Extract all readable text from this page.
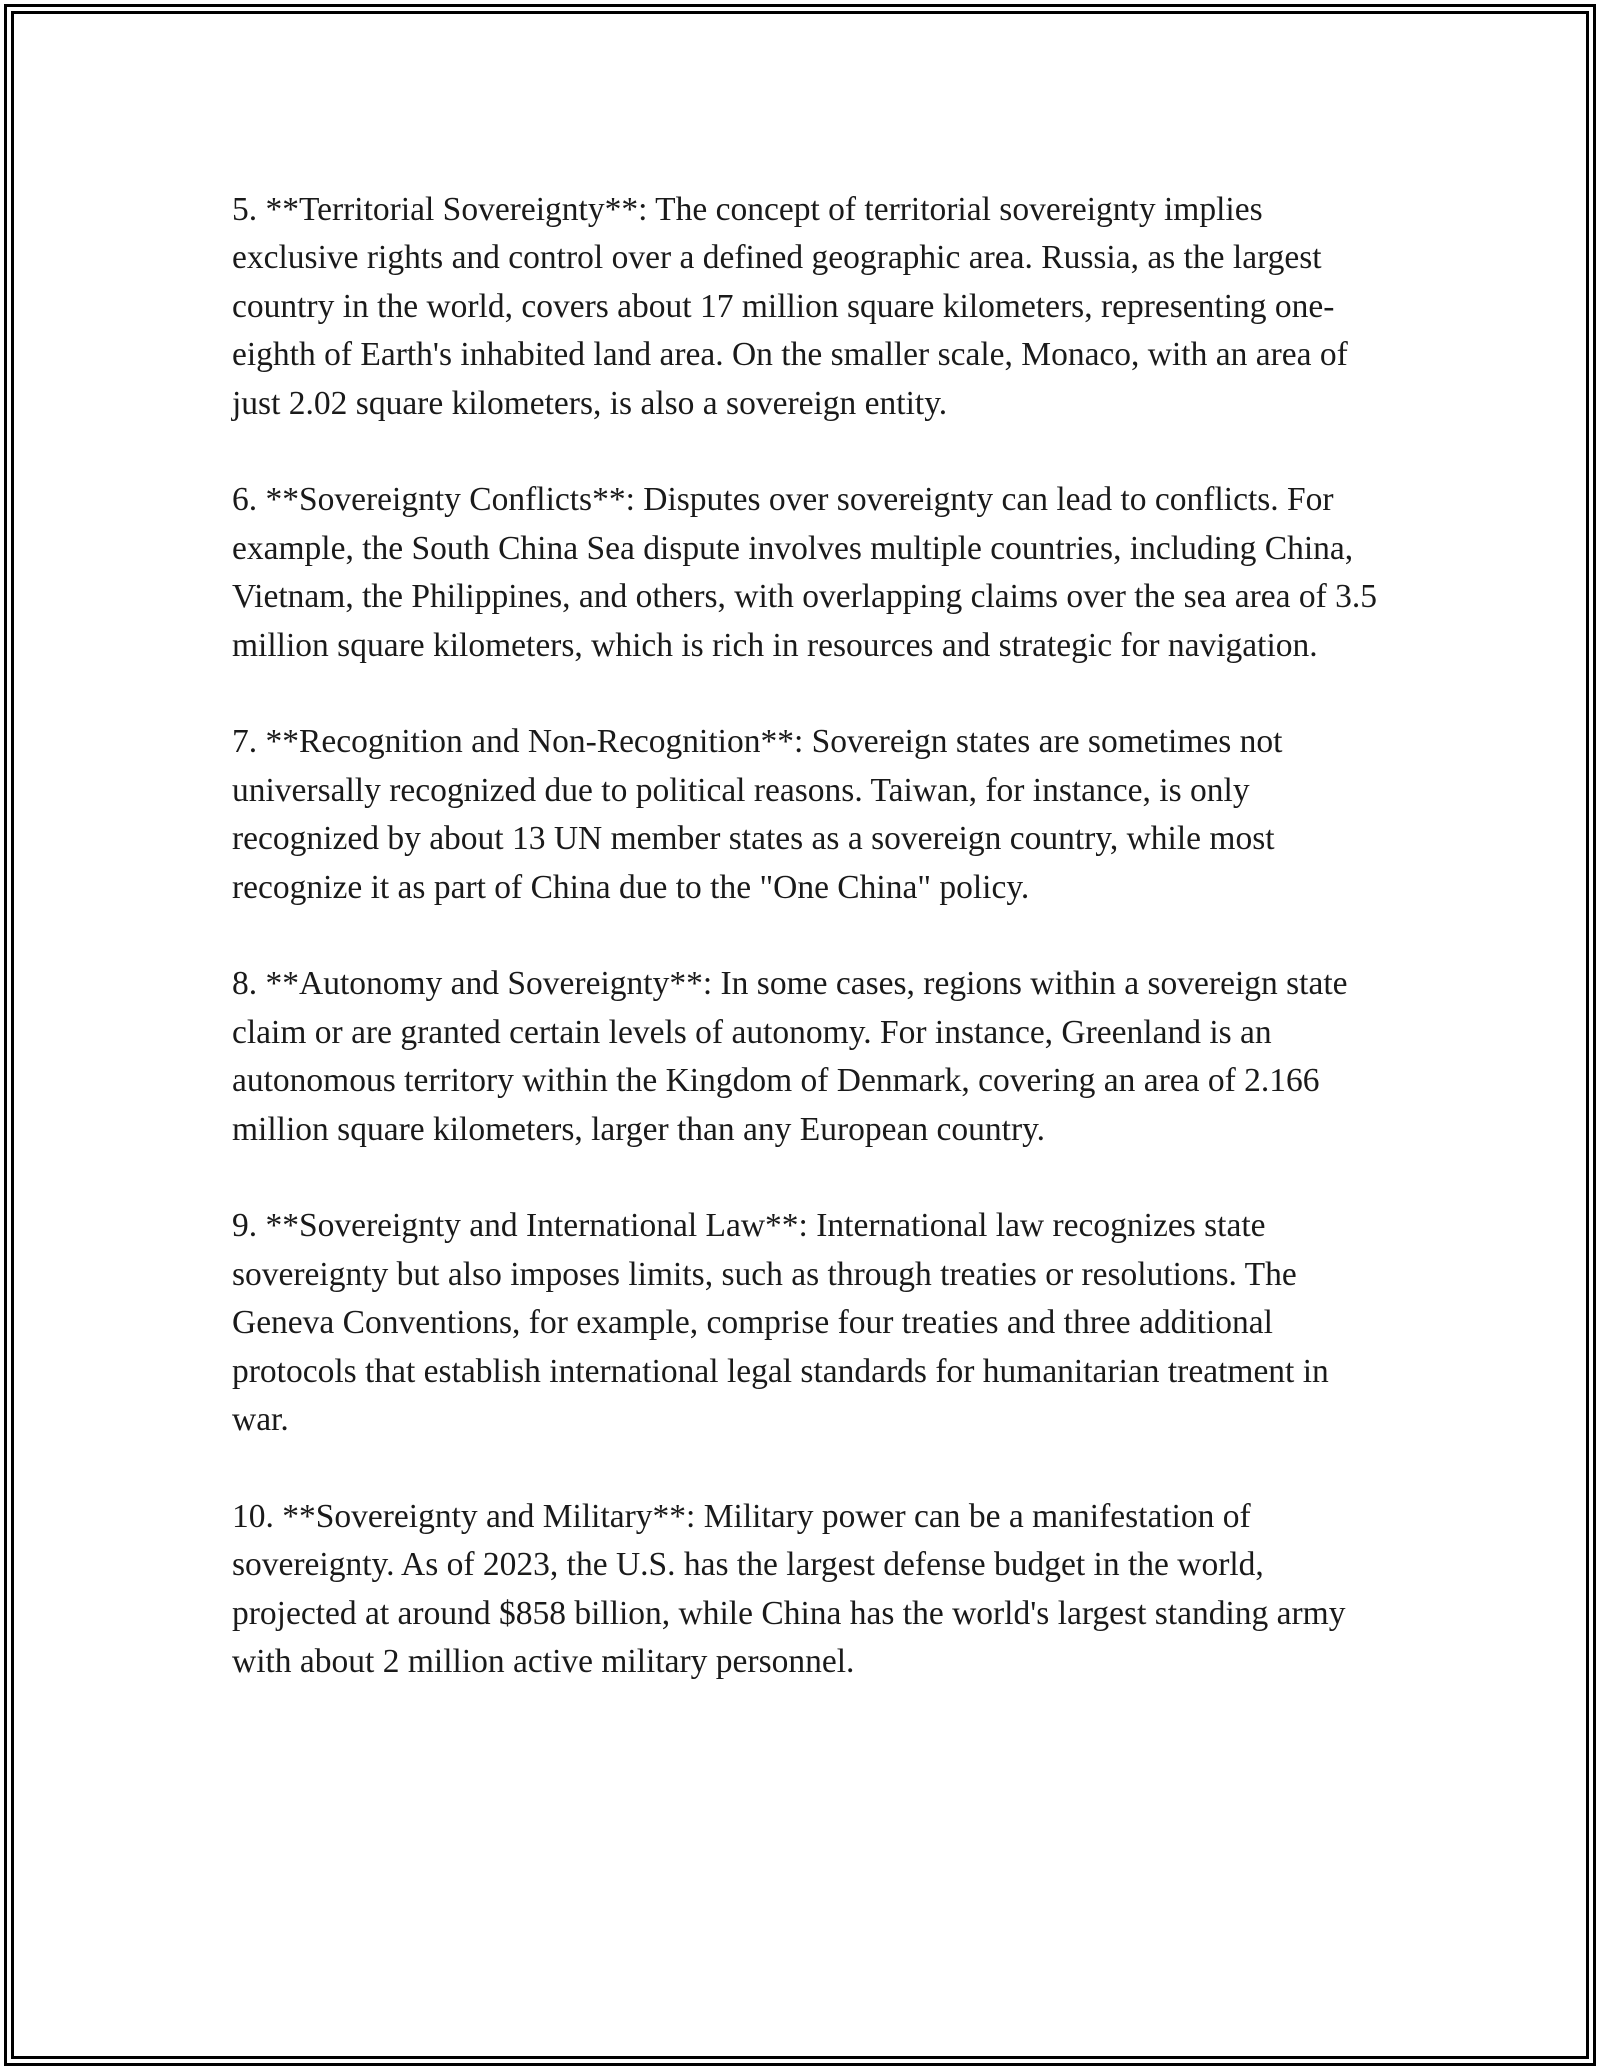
5. **Territorial Sovereignty**: The concept of territorial sovereignty implies exclusive rights and control over a defined geographic area. Russia, as the largest country in the world, covers about 17 million square kilometers, representing one-eighth of Earth's inhabited land area. On the smaller scale, Monaco, with an area of just 2.02 square kilometers, is also a sovereign entity.

6. **Sovereignty Conflicts**: Disputes over sovereignty can lead to conflicts. For example, the South China Sea dispute involves multiple countries, including China, Vietnam, the Philippines, and others, with overlapping claims over the sea area of 3.5 million square kilometers, which is rich in resources and strategic for navigation.

7. **Recognition and Non-Recognition**: Sovereign states are sometimes not universally recognized due to political reasons. Taiwan, for instance, is only recognized by about 13 UN member states as a sovereign country, while most recognize it as part of China due to the "One China" policy.

8. **Autonomy and Sovereignty**: In some cases, regions within a sovereign state claim or are granted certain levels of autonomy. For instance, Greenland is an autonomous territory within the Kingdom of Denmark, covering an area of 2.166 million square kilometers, larger than any European country.

9. **Sovereignty and International Law**: International law recognizes state sovereignty but also imposes limits, such as through treaties or resolutions. The Geneva Conventions, for example, comprise four treaties and three additional protocols that establish international legal standards for humanitarian treatment in war.

10. **Sovereignty and Military**: Military power can be a manifestation of sovereignty. As of 2023, the U.S. has the largest defense budget in the world, projected at around $858 billion, while China has the world's largest standing army with about 2 million active military personnel.
